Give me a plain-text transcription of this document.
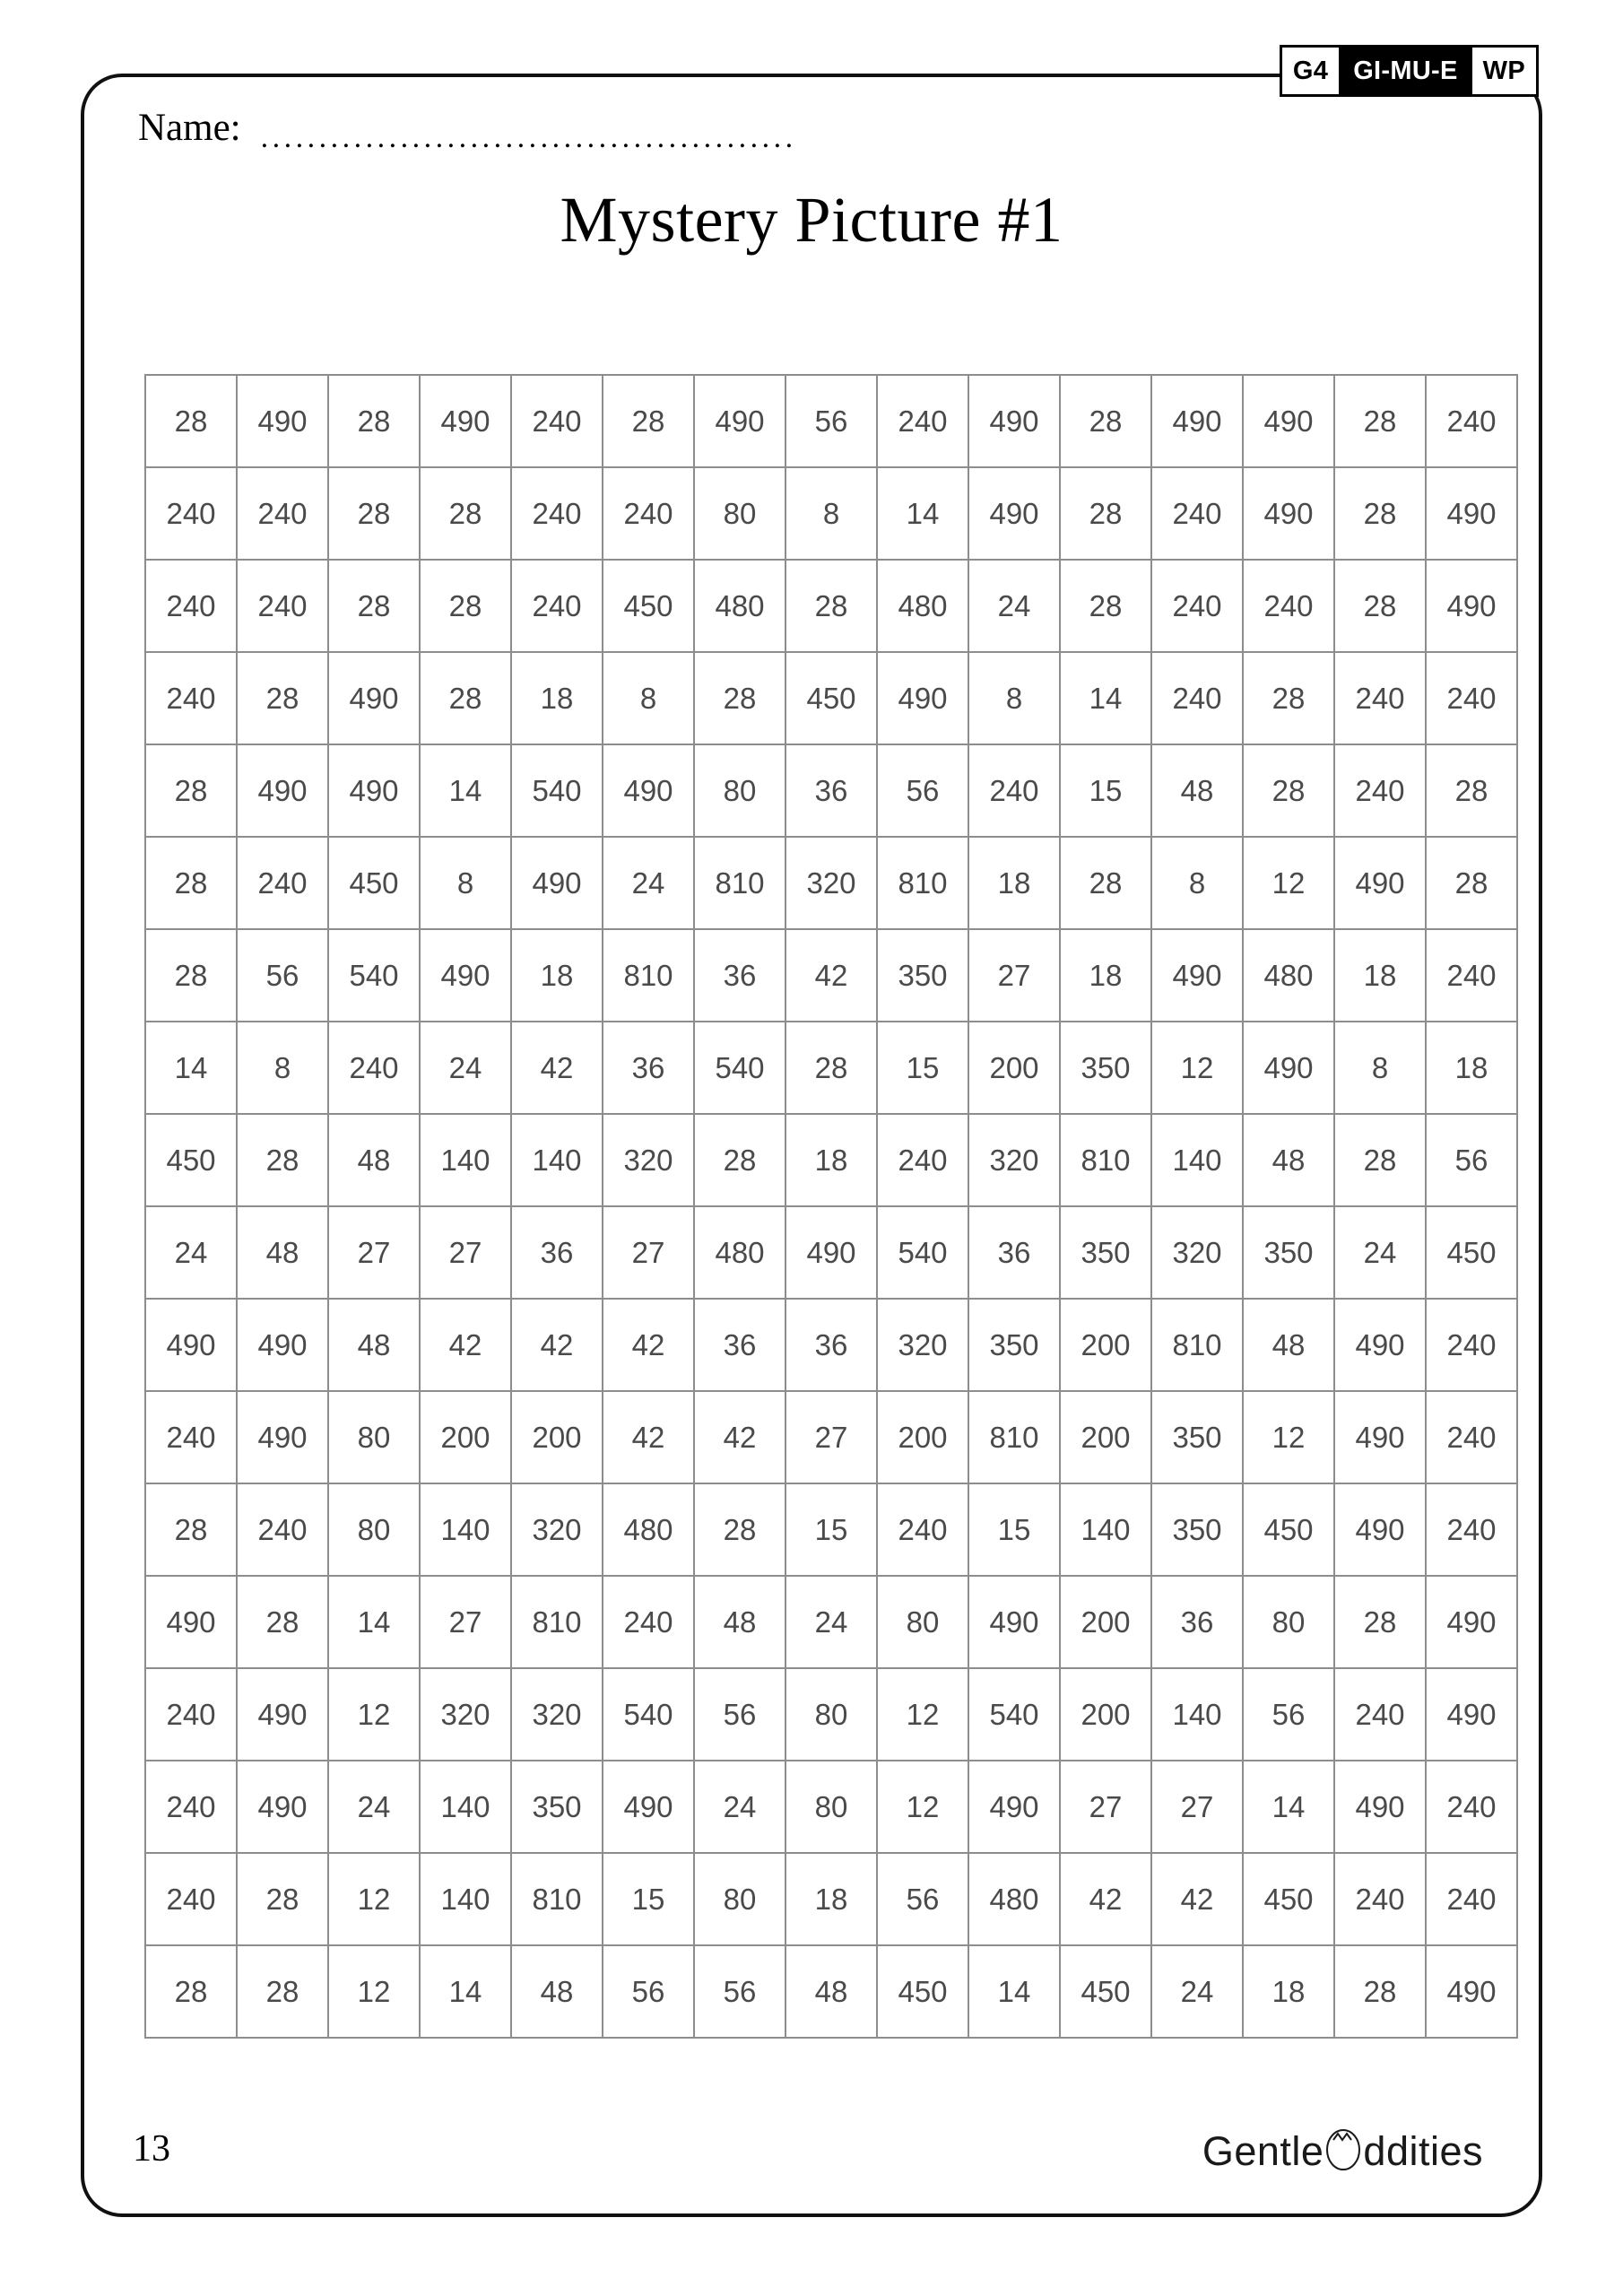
G4 GI-MU-E WP
Name: ..............................................
Mystery Picture #1
28	490	28	490	240	28	490	56	240	490	28	490	490	28	240
240	240	28	28	240	240	80	8	14	490	28	240	490	28	490
240	240	28	28	240	450	480	28	480	24	28	240	240	28	490
240	28	490	28	18	8	28	450	490	8	14	240	28	240	240
28	490	490	14	540	490	80	36	56	240	15	48	28	240	28
28	240	450	8	490	24	810	320	810	18	28	8	12	490	28
28	56	540	490	18	810	36	42	350	27	18	490	480	18	240
14	8	240	24	42	36	540	28	15	200	350	12	490	8	18
450	28	48	140	140	320	28	18	240	320	810	140	48	28	56
24	48	27	27	36	27	480	490	540	36	350	320	350	24	450
490	490	48	42	42	42	36	36	320	350	200	810	48	490	240
240	490	80	200	200	42	42	27	200	810	200	350	12	490	240
28	240	80	140	320	480	28	15	240	15	140	350	450	490	240
490	28	14	27	810	240	48	24	80	490	200	36	80	28	490
240	490	12	320	320	540	56	80	12	540	200	140	56	240	490
240	490	24	140	350	490	24	80	12	490	27	27	14	490	240
240	28	12	140	810	15	80	18	56	480	42	42	450	240	240
28	28	12	14	48	56	56	48	450	14	450	24	18	28	490
13	Gentle ddities
